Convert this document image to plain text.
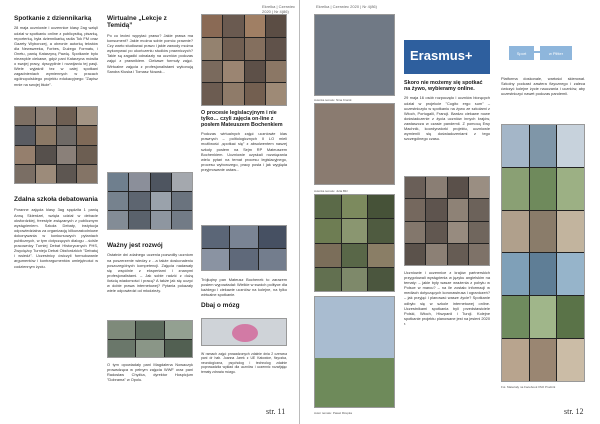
Ekrelka | Czerwiec 2020 | Nr 4(86)
Spotkanie z dziennikarką
28 maja uczniowie i uczennice klasy 2ag wzięli udział w spotkaniu online z publicystką, pisarką, reporterką, była dziennikarką radia Tok FM oraz Gazety Wyborczej, a obecnie autorką tekstów dla Newsweeka, Forbes, Dużego Formatu, i Onetu, panią Katarzyną Pawlą. Spotkanie było niezwykle ciekawe, gdyż pani Katarzyna mówiła o swojej pracy, dyscyplinie i rozwijaniu tej pasji. Wiele wyjaśnił tez w całej spotkani zagadnieniach wymiennych w pracach ogólnopolskiego projektu edukacyjnego "Zapisz mnie na swojej liście".
Zdalna szkoła debatowania
Poranne zajęcia klasy 3ag spędziła 1 panią Anną Skierdzel, wzięła udział w debacie oksfordzkiej, freestyle związanych z publicznym wystąpieniem. Szkoła Debaty, instytucja odpowiedzialna za organizację kilkunastodniowe dokonywania w konkursowych pytaniach publicznych, w tym dotyczących dialogu ...ściśle pracownicy Turniej Debat Historycznych PHS, Zwyciężcy Turnieju Debat Oksfordzkich "Debatuj i wsiedź". Uczestnicy ćwiczyli formułowanie argumentów i kontrargumentów umiejętności w codziennym życiu.
Wirtualne „Lekcje z Temidą”
Po co lecieć wypytać prawo? Jakie prawa ma konsument? Jakie można sobie pomóc prawnie? Czy warto studiować prawo i jakie zawody można wykonywać po ukończeniu studiów prawniczych? Takie są zagadki odnalazły na uczniów podczas zajęć z prawnikiem. Ciekawe formuły zajęć. Wirtualne zajęcia z profesjonalistami wykonują Sandra Kluska i Tomasz Nowak...
Ważny jest rozwój
Ostatnie dni zdalnego uczenia pozwoliły uczniom na poszerzenie wiedzy z ...a także doskonaleniu poszczególnych kompetencji. Zajęcia nadawały się wspólnie z ekspertami i znanymi profesjonalistami. – Jak sobie radzić z dużą ilością wiadomości i pracą? A także jak się uczyć w dobie prawa internetowej? Pytania pokazały wiele odpowiedzi od młodzieży.
O tym opowiadały pani Magdalena Nowaczyk prowadząca w pełnym zajęcia WWF oraz pani Radosław Chyżka, dyrektor Hospicjum "Dobrama" w Opolu.
O procesie legislacyjnym i nie tylko… czyli zajęcia on-line z posłem Mateuszem Bochenkiem
Podczas wirtualnych zajęć uczniowie klas prawnych – politologicznych II LO mieli możliwość „spotkać się” z absolwentem naszej szkoły posłem na Sejm RP Mateuszem Bochenkiem. Uczniowie uzyskali rozwiązania wielu pytań na temat procesu legislacyjnego, procesu wyborczego, pracy posła i jak wygląda przyjmowanie ustaw...
Trójkątny pan Mateusz Bochenek to zarazem posłem wypowiadał: Wielkie w swoich polityce dla każdego i ciekawie uczniów na kolejne, na tylko wirtualne spotkanie.
Dbaj o mózg
W ramach zajęć prowadzonych zdalnie dnia 2 czerwca pani dr hab. Joanna Jarek z UE Katowice, fizyczka, neurologiczna, psycholog i technolog zdalnie poprowadziła wykład dla uczniów i uczennic rozwijając tematy zdrowia mózgu.
str. 11
Ekrelka | Czerwiec 2020 | Nr 4(86)
Autorka tematu: Nina Kranik
Autorka tematu: Julia Bliz
Autor tematu: Paweł Rzepka
Erasmus+
Skoro nie możemy się spotkać na żywo, wybieramy online.
29 maja 16 osób rozpoczęło i uczniów biorących udział w projekcie "Cogito ergo sum" – uczestniczyło w spotkaniu na żywo ze szkołami z Włoch, Portugalii, Francji. Bardzo ciekawe nowe doświadczenie z życia uczniów innych krajów, zawłaszcza w czasie pandemii. Z pomocą Ewy Machnik, koordynatorki projektu, uczniowie wymienili się doświadczeniami z tego szczególnego czasu.
Uczniowie i uczennice z krajów partnerskich przygotowali wystąpienia w języku angielskim na tematy: – jakie były wasze wrażenia z pobytu w Polsce w marcu? – na ile zostało informacji w mediach dotyczących koronawirusa i ograniczeń? – jak przyjąć i planować wasze życie? Spotkanie odbyło się w szkole internetowej online. Uczestnikami spotkania byli przedstawiciele Polski, Włoch, Hiszpanii i Turcji. Kolejne spotkanie projektu planowane jest na jesieni 2020 r.
Sport	w Plitter
Platforma doskonale, wartości skierował. Szkolny podcast zawiera fizycznego i zaleca ćwiczyć kolejne życie nauczania i uczniów, aby uczestniczyć nawet podczas pandemii.
Fot. Materiały na Facebook IISO Prudnik
str. 12
